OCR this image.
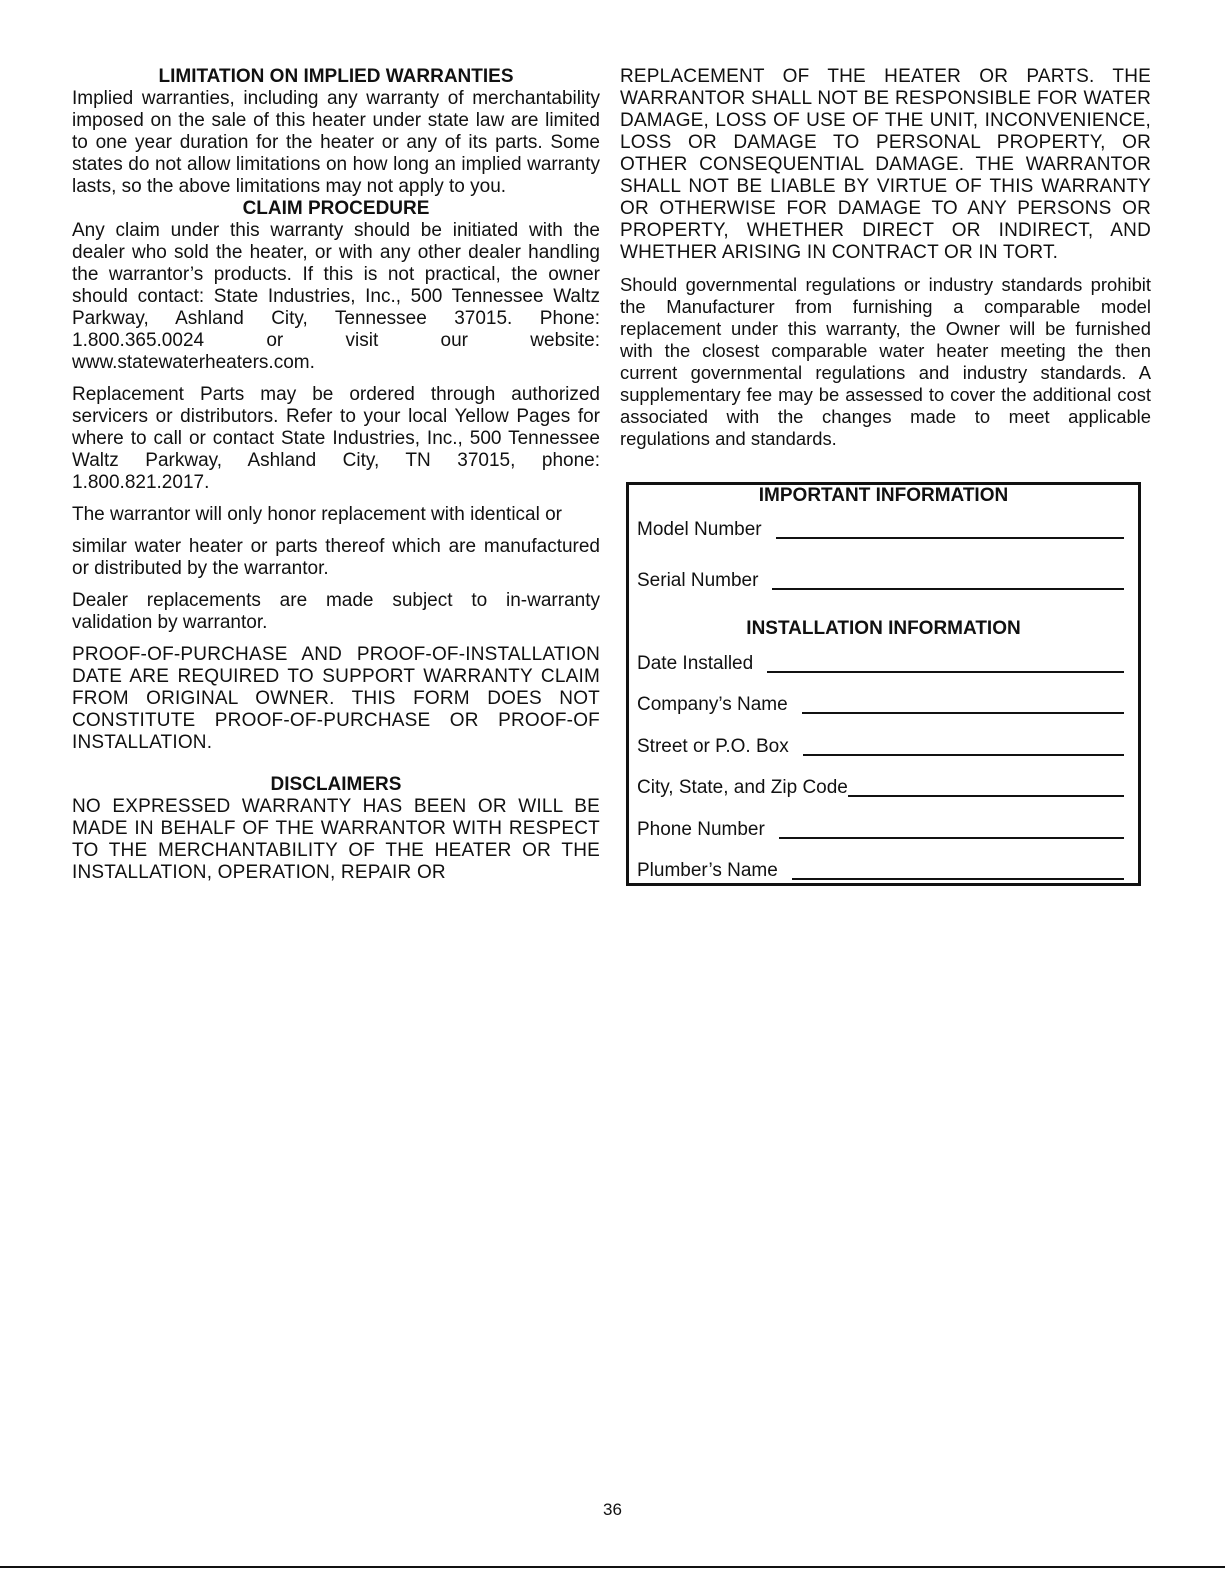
LIMITATION ON IMPLIED WARRANTIES

Implied warranties, including any warranty of merchantability imposed on the sale of this heater under state law are limited to one year duration for the heater or any of its parts. Some states do not allow limitations on how long an implied warranty lasts, so the above limitations may not apply to you.

CLAIM PROCEDURE

Any claim under this warranty should be initiated with the dealer who sold the heater, or with any other dealer handling the warrantor’s products. If this is not practical, the owner should contact: State Industries, Inc., 500 Tennessee Waltz Parkway, Ashland City, Tennessee 37015. Phone: 1.800.365.0024 or visit our website: www.statewaterheaters.com.

Replacement Parts may be ordered through authorized servicers or distributors. Refer to your local Yellow Pages for where to call or contact State Industries, Inc., 500 Tennessee Waltz Parkway, Ashland City, TN 37015, phone: 1.800.821.2017.

The warrantor will only honor replacement with identical or

similar water heater or parts thereof which are manufactured or distributed by the warrantor.

Dealer replacements are made subject to in-warranty validation by warrantor.

PROOF-OF-PURCHASE AND PROOF-OF-INSTALLATION DATE ARE REQUIRED TO SUPPORT WARRANTY CLAIM FROM ORIGINAL OWNER. THIS FORM DOES NOT CONSTITUTE PROOF-OF-PURCHASE OR PROOF-OF INSTALLATION.

DISCLAIMERS

NO EXPRESSED WARRANTY HAS BEEN OR WILL BE MADE IN BEHALF OF THE WARRANTOR WITH RESPECT TO THE MERCHANTABILITY OF THE HEATER OR THE INSTALLATION, OPERATION, REPAIR OR

REPLACEMENT OF THE HEATER OR PARTS. THE WARRANTOR SHALL NOT BE RESPONSIBLE FOR WATER DAMAGE, LOSS OF USE OF THE UNIT, INCONVENIENCE, LOSS OR DAMAGE TO PERSONAL PROPERTY, OR OTHER CONSEQUENTIAL DAMAGE. THE WARRANTOR SHALL NOT BE LIABLE BY VIRTUE OF THIS WARRANTY OR OTHERWISE FOR DAMAGE TO ANY PERSONS OR PROPERTY, WHETHER DIRECT OR INDIRECT, AND WHETHER ARISING IN CONTRACT OR IN TORT.

Should governmental regulations or industry standards prohibit the Manufacturer from furnishing a comparable model replacement under this warranty, the Owner will be furnished with the closest comparable water heater meeting the then current governmental regulations and industry standards. A supplementary fee may be assessed to cover the additional cost associated with the changes made to meet applicable regulations and standards.

IMPORTANT INFORMATION
Model Number
Serial Number
INSTALLATION INFORMATION
Date Installed
Company’s Name
Street or P.O. Box
City, State, and Zip Code
Phone Number
Plumber’s Name
36
